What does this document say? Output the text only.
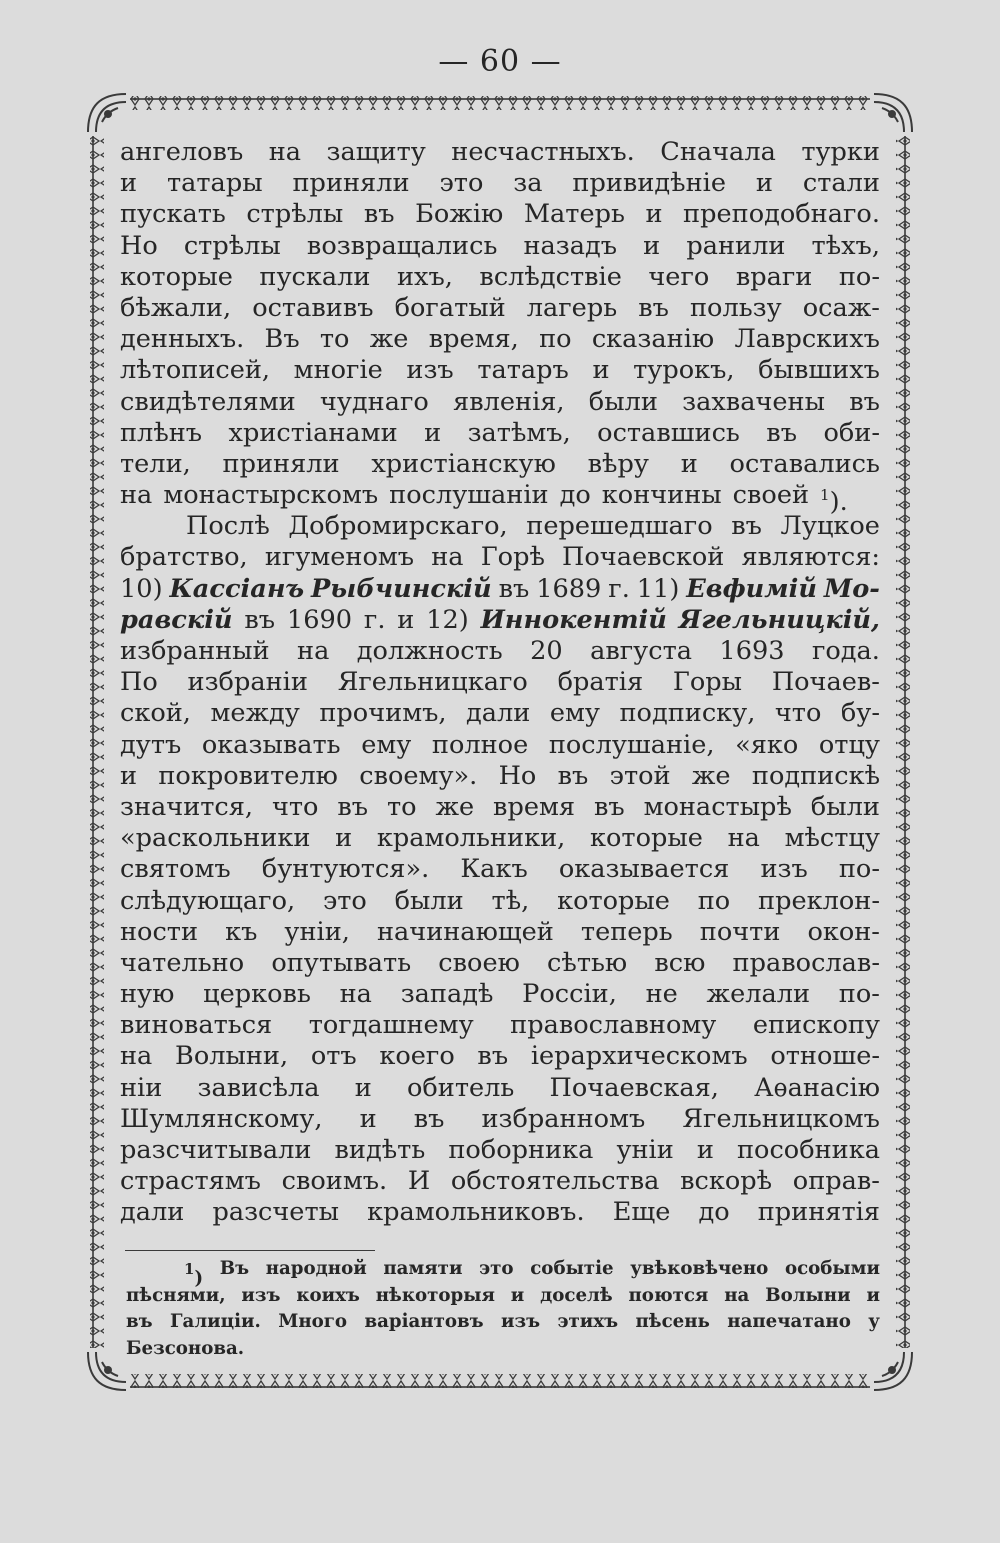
— 60 —
ангеловъ на защиту несчастныхъ. Сначала турки
и татары приняли это за привидѣніе и стали
пускать стрѣлы въ Божію Матерь и преподобнаго.
Но стрѣлы возвращались назадъ и ранили тѣхъ,
которые пускали ихъ, вслѣдствіе чего враги по-
бѣжали, оставивъ богатый лагерь въ пользу осаж-
денныхъ. Въ то же время, по сказанію Лаврскихъ
лѣтописей, многіе изъ татаръ и турокъ, бывшихъ
свидѣтелями чуднаго явленія, были захвачены въ
плѣнъ христіанами и затѣмъ, оставшись въ оби-
тели, приняли христіанскую вѣру и оставались
на монастырскомъ послушаніи до кончины своей $^1$).
Послѣ Добромирскаго, перешедшаго въ Луцкое
братство, игуменомъ на Горѣ Почаевской являются:
10) Кассіанъ Рыбчинскій въ 1689 г. 11) Евфимій Мо-
равскій въ 1690 г. и 12) Иннокентій Ягельницкій,
избранный на должность 20 августа 1693 года.
По избраніи Ягельницкаго братія Горы Почаев-
ской, между прочимъ, дали ему подписку, что бу-
дутъ оказывать ему полное послушаніе, «яко отцу
и покровителю своему». Но въ этой же подпискѣ
значится, что въ то же время въ монастырѣ были
«раскольники и крамольники, которые на мѣстцу
святомъ бунтуются». Какъ оказывается изъ по-
слѣдующаго, это были тѣ, которые по преклон-
ности къ уніи, начинающей теперь почти окон-
чательно опутывать своею сѣтью всю православ-
ную церковь на западѣ Россіи, не желали по-
виноваться тогдашнему православному епископу
на Волыни, отъ коего въ іерархическомъ отноше-
ніи зависѣла и обитель Почаевская, Аѳанасію
Шумлянскому, и въ избранномъ Ягельницкомъ
разсчитывали видѣть поборника уніи и пособника
страстямъ своимъ. И обстоятельства вскорѣ оправ-
дали разсчеты крамольниковъ. Еще до принятія
$^1$) Въ народной памяти это событіе увѣковѣчено особыми
пѣснями, изъ коихъ нѣкоторыя и доселѣ поются на Волыни и
въ Галиціи. Много варіантовъ изъ этихъ пѣсень напечатано у
Безсонова.
